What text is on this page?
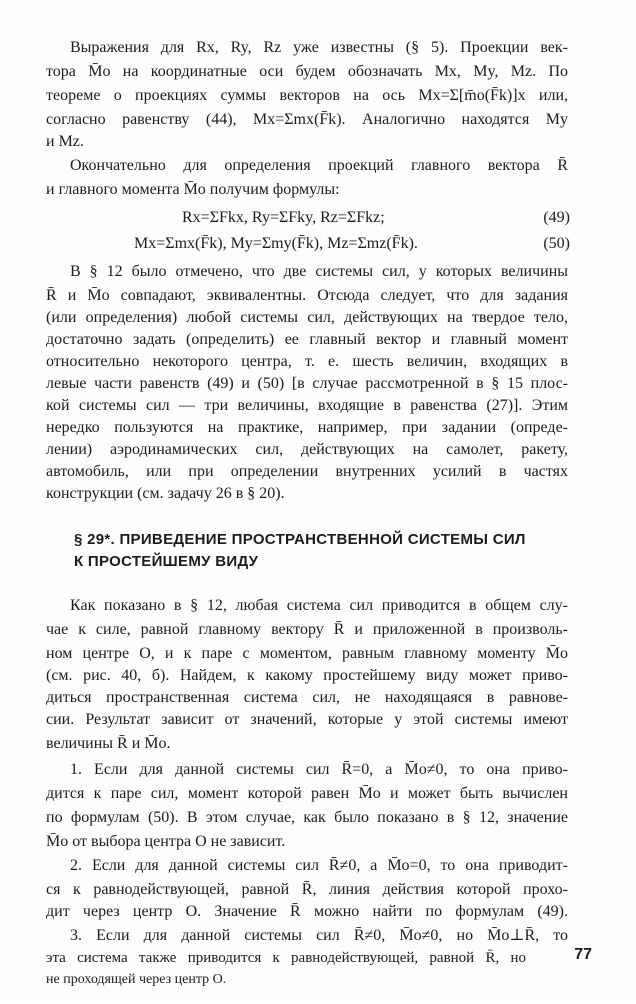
Выражения для Rx, Ry, Rz уже известны (§ 5). Проекции век-
тора M̄o на координатные оси будем обозначать Mx, My, Mz. По
теореме о проекциях суммы векторов на ось Mx=Σ[m̄o(F̄k)]x или,
согласно равенству (44), Mx=Σmx(F̄k). Аналогично находятся My
и Mz.
Окончательно для определения проекций главного вектора R̄
и главного момента M̄o получим формулы:
Rx=ΣFkx, Ry=ΣFky, Rz=ΣFkz;	(49)
Mx=Σmx(F̄k), My=Σmy(F̄k), Mz=Σmz(F̄k).	(50)
В § 12 было отмечено, что две системы сил, у которых величины
R̄ и M̄o совпадают, эквивалентны. Отсюда следует, что для задания
(или определения) любой системы сил, действующих на твердое тело,
достаточно задать (определить) ее главный вектор и главный момент
относительно некоторого центра, т. е. шесть величин, входящих в
левые части равенств (49) и (50) [в случае рассмотренной в § 15 плос-
кой системы сил — три величины, входящие в равенства (27)]. Этим
нередко пользуются на практике, например, при задании (опреде-
лении) аэродинамических сил, действующих на самолет, ракету,
автомобиль, или при определении внутренних усилий в частях
конструкции (см. задачу 26 в § 20).
§ 29*. ПРИВЕДЕНИЕ ПРОСТРАНСТВЕННОЙ СИСТЕМЫ СИЛ
К ПРОСТЕЙШЕМУ ВИДУ
Как показано в § 12, любая система сил приводится в общем слу-
чае к силе, равной главному вектору R̄ и приложенной в произволь-
ном центре O, и к паре с моментом, равным главному моменту M̄o
(см. рис. 40, б). Найдем, к какому простейшему виду может приво-
диться пространственная система сил, не находящаяся в равнове-
сии. Результат зависит от значений, которые у этой системы имеют
величины R̄ и M̄o.
1. Если для данной системы сил R̄=0, а M̄o≠0, то она приво-
дится к паре сил, момент которой равен M̄o и может быть вычислен
по формулам (50). В этом случае, как было показано в § 12, значение
M̄o от выбора центра O не зависит.
2. Если для данной системы сил R̄≠0, а M̄o=0, то она приводит-
ся к равнодействующей, равной R̄, линия действия которой прохо-
дит через центр O. Значение R̄ можно найти по формулам (49).
3. Если для данной системы сил R̄≠0, M̄o≠0, но M̄o⊥R̄, то
эта система также приводится к равнодействующей, равной R̄, но
не проходящей через центр O.
77
